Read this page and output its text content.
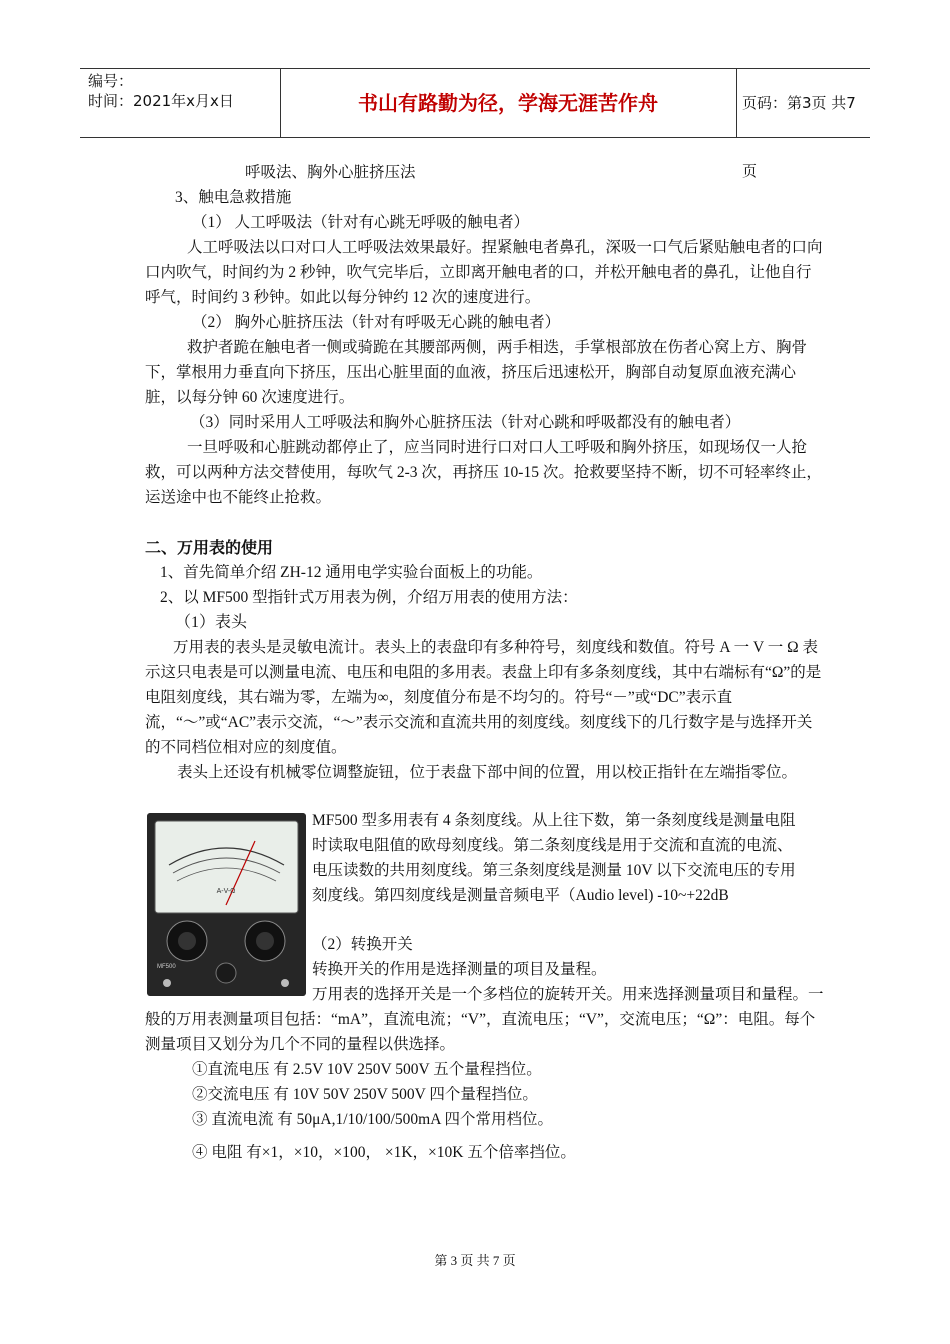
编号：
时间：2021年x月x日	书山有路勤为径，学海无涯苦作舟	页码：第3页 共7页

呼吸法、胸外心脏挤压法

3、触电急救措施

（1） 人工呼吸法（针对有心跳无呼吸的触电者）

人工呼吸法以口对口人工呼吸法效果最好。捏紧触电者鼻孔，深吸一口气后紧贴触电者的口向口内吹气，时间约为 2 秒钟，吹气完毕后，立即离开触电者的口，并松开触电者的鼻孔，让他自行呼气，时间约 3 秒钟。如此以每分钟约 12 次的速度进行。

（2） 胸外心脏挤压法（针对有呼吸无心跳的触电者）

救护者跪在触电者一侧或骑跪在其腰部两侧，两手相迭，手掌根部放在伤者心窝上方、胸骨下，掌根用力垂直向下挤压，压出心脏里面的血液，挤压后迅速松开，胸部自动复原血液充满心脏，以每分钟 60 次速度进行。

（3）同时采用人工呼吸法和胸外心脏挤压法（针对心跳和呼吸都没有的触电者）

一旦呼吸和心脏跳动都停止了，应当同时进行口对口人工呼吸和胸外挤压，如现场仅一人抢救，可以两种方法交替使用，每吹气 2-3 次，再挤压 10-15 次。抢救要坚持不断，切不可轻率终止，运送途中也不能终止抢救。

二、万用表的使用

1、首先简单介绍 ZH-12 通用电学实验台面板上的功能。

2、以 MF500 型指针式万用表为例，介绍万用表的使用方法：

（1）表头

万用表的表头是灵敏电流计。表头上的表盘印有多种符号，刻度线和数值。符号 A 一 V 一 Ω 表示这只电表是可以测量电流、电压和电阻的多用表。表盘上印有多条刻度线，其中右端标有“Ω”的是电阻刻度线，其右端为零，左端为∞，刻度值分布是不均匀的。符号“－”或“DC”表示直流，“～”或“AC”表示交流，“～”表示交流和直流共用的刻度线。刻度线下的几行数字是与选择开关的不同档位相对应的刻度值。

表头上还设有机械零位调整旋钮，位于表盘下部中间的位置，用以校正指针在左端指零位。

A-V-Ω
MF500

MF500 型多用表有 4 条刻度线。从上往下数，第一条刻度线是测量电阻时读取电阻值的欧母刻度线。第二条刻度线是用于交流和直流的电流、电压读数的共用刻度线。第三条刻度线是测量 10V 以下交流电压的专用刻度线。第四刻度线是测量音频电平（Audio level) -10~+22dB

（2）转换开关

转换开关的作用是选择测量的项目及量程。

万用表的选择开关是一个多档位的旋转开关。用来选择测量项目和量程。一般的万用表测量项目包括：“mA”，直流电流；“V”，直流电压；“V”，交流电压；“Ω”：电阻。每个测量项目又划分为几个不同的量程以供选择。

①直流电压 有 2.5V 10V 250V 500V 五个量程挡位。

②交流电压 有 10V 50V 250V 500V 四个量程挡位。

③ 直流电流 有 50μA,1/10/100/500mA 四个常用档位。

④ 电阻 有×1，×10，×100， ×1K，×10K 五个倍率挡位。

第 3 页 共 7 页
